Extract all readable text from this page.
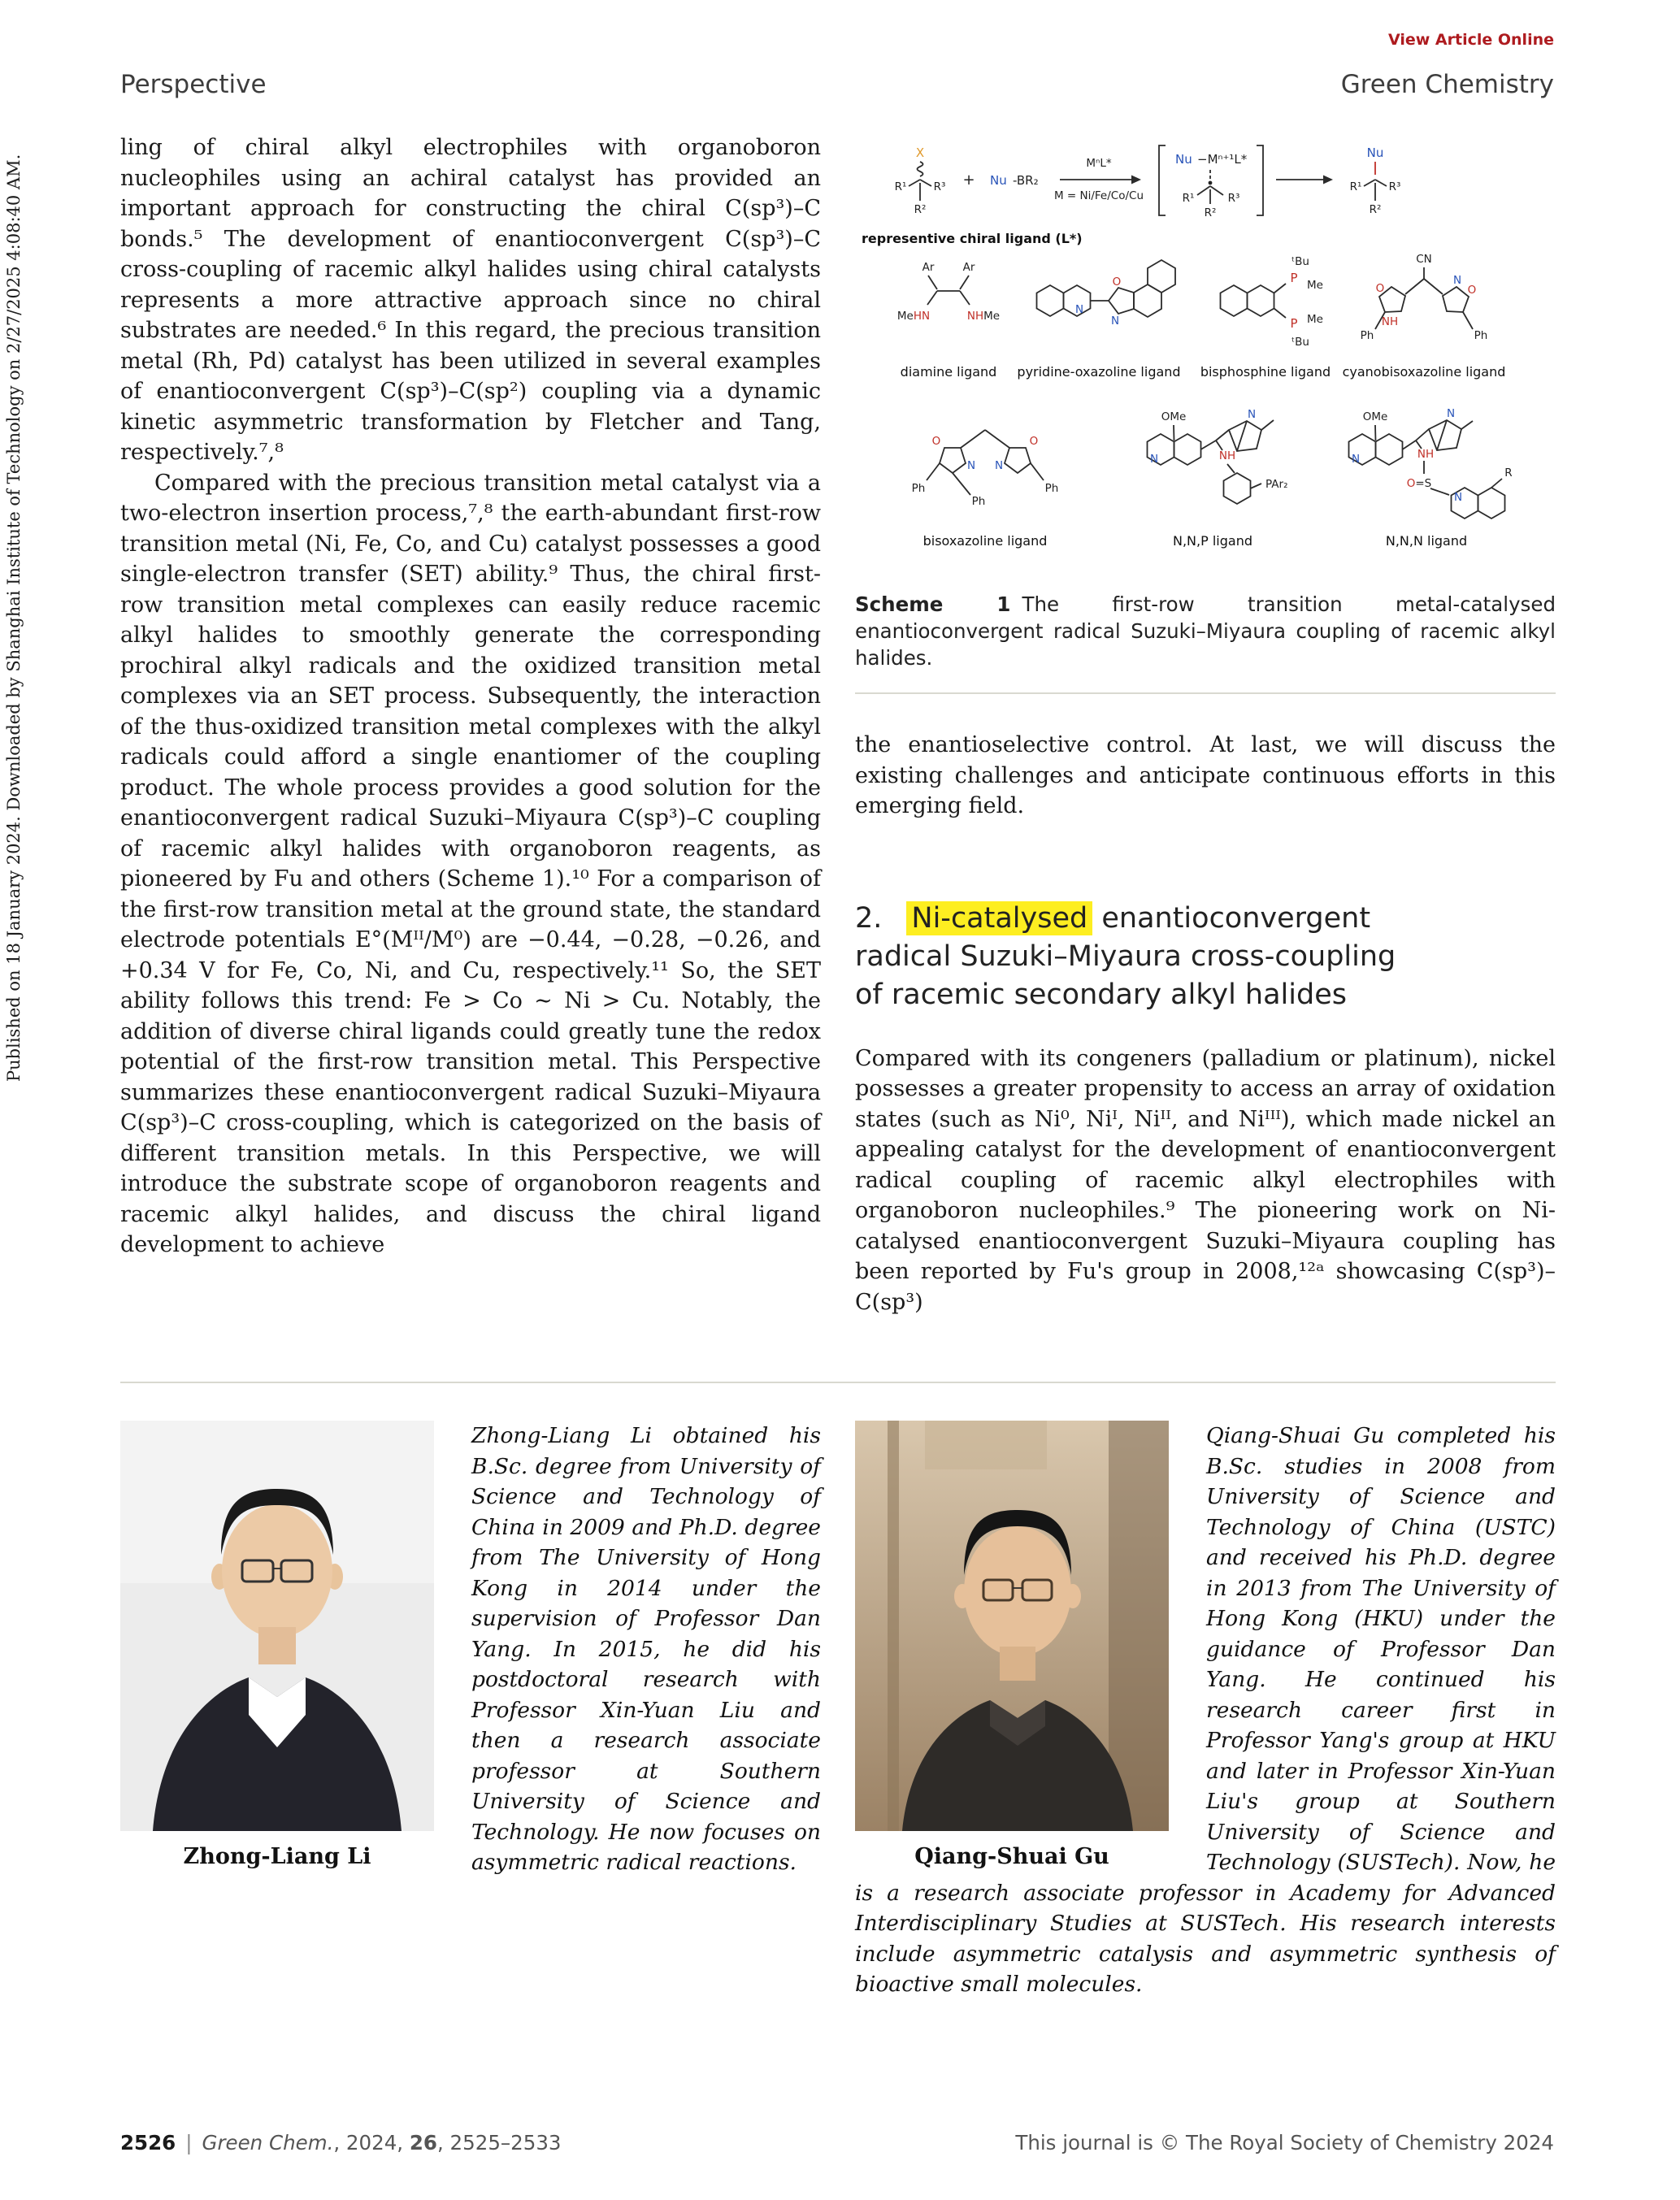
Published on 18 January 2024. Downloaded by Shanghai Institute of Technology on 2/27/2025 4:08:40 AM.
View Article Online
Perspective	Green Chemistry

ling of chiral alkyl electrophiles with organoboron nucleophiles using an achiral catalyst has provided an important approach for constructing the chiral C(sp³)–C bonds.⁵ The development of enantioconvergent C(sp³)–C cross-coupling of racemic alkyl halides using chiral catalysts represents a more attractive approach since no chiral substrates are needed.⁶ In this regard, the precious transition metal (Rh, Pd) catalyst has been utilized in several examples of enantioconvergent C(sp³)–C(sp²) coupling via a dynamic kinetic asymmetric transformation by Fletcher and Tang, respectively.⁷,⁸

Compared with the precious transition metal catalyst via a two-electron insertion process,⁷,⁸ the earth-abundant first-row transition metal (Ni, Fe, Co, and Cu) catalyst possesses a good single-electron transfer (SET) ability.⁹ Thus, the chiral first-row transition metal complexes can easily reduce racemic alkyl halides to smoothly generate the corresponding prochiral alkyl radicals and the oxidized transition metal complexes via an SET process. Subsequently, the interaction of the thus-oxidized transition metal complexes with the alkyl radicals could afford a single enantiomer of the coupling product. The whole process provides a good solution for the enantioconvergent radical Suzuki–Miyaura C(sp³)–C coupling of racemic alkyl halides with organoboron reagents, as pioneered by Fu and others (Scheme 1).¹⁰ For a comparison of the first-row transition metal at the ground state, the standard electrode potentials E°(Mᴵᴵ/M⁰) are −0.44, −0.28, −0.26, and +0.34 V for Fe, Co, Ni, and Cu, respectively.¹¹ So, the SET ability follows this trend: Fe > Co ∼ Ni > Cu. Notably, the addition of diverse chiral ligands could greatly tune the redox potential of the first-row transition metal. This Perspective summarizes these enantioconvergent radical Suzuki–Miyaura C(sp³)–C cross-coupling, which is categorized on the basis of different transition metals. In this Perspective, we will introduce the substrate scope of organoboron reagents and racemic alkyl halides, and discuss the chiral ligand development to achieve

X
R¹ R³
R²
+ Nu -BR₂
MⁿL*
M = Ni/Fe/Co/Cu
Nu −Mⁿ⁺¹L*
R¹	R³
R²
Nu
R¹ R³
R²
representive chiral ligand (L*)
Ar	Ar
MeHN	NHMe
diamine ligand
N
O
N
pyridine-oxazoline ligand
P
ᵗBu
Me
P
ᵗBu
Me
bisphosphine ligand
CN
O
NH
N
O
Ph	Ph
cyanobisoxazoline ligand
O
N
O
N
Ph
Ph
Ph
bisoxazoline ligand
OMe
N	NH
N
PAr₂
N,N,P ligand
OMe
N	NH
N
O=S
N
R
N,N,N ligand

Scheme 1 The first-row transition metal-catalysed enantioconvergent radical Suzuki–Miyaura coupling of racemic alkyl halides.

the enantioselective control. At last, we will discuss the existing challenges and anticipate continuous efforts in this emerging field.

2. Ni-catalysed enantioconvergent
radical Suzuki–Miyaura cross-coupling
of racemic secondary alkyl halides

Compared with its congeners (palladium or platinum), nickel possesses a greater propensity to access an array of oxidation states (such as Ni⁰, Niᴵ, Niᴵᴵ, and Niᴵᴵᴵ), which made nickel an appealing catalyst for the development of enantioconvergent radical coupling of racemic alkyl electrophiles with organoboron nucleophiles.⁹ The pioneering work on Ni-catalysed enantioconvergent Suzuki–Miyaura coupling has been reported by Fu's group in 2008,¹²ᵃ showcasing C(sp³)–C(sp³)

Zhong-Liang Li

Zhong-Liang Li obtained his B.Sc. degree from University of Science and Technology of China in 2009 and Ph.D. degree from The University of Hong Kong in 2014 under the supervision of Professor Dan Yang. In 2015, he did his postdoctoral research with Professor Xin-Yuan Liu and then a research associate professor at Southern University of Science and Technology. He now focuses on asymmetric radical reactions.	Qiang-Shuai Gu

Qiang-Shuai Gu completed his B.Sc. studies in 2008 from University of Science and Technology of China (USTC) and received his Ph.D. degree in 2013 from The University of Hong Kong (HKU) under the guidance of Professor Dan Yang. He continued his research career first in Professor Yang's group at HKU and later in Professor Xin-Yuan Liu's group at Southern University of Science and Technology (SUSTech). Now, he is a research associate professor in Academy for Advanced Interdisciplinary Studies at SUSTech. His research interests include asymmetric catalysis and asymmetric synthesis of bioactive small molecules.

2526 | Green Chem., 2024, 26, 2525–2533	This journal is © The Royal Society of Chemistry 2024
